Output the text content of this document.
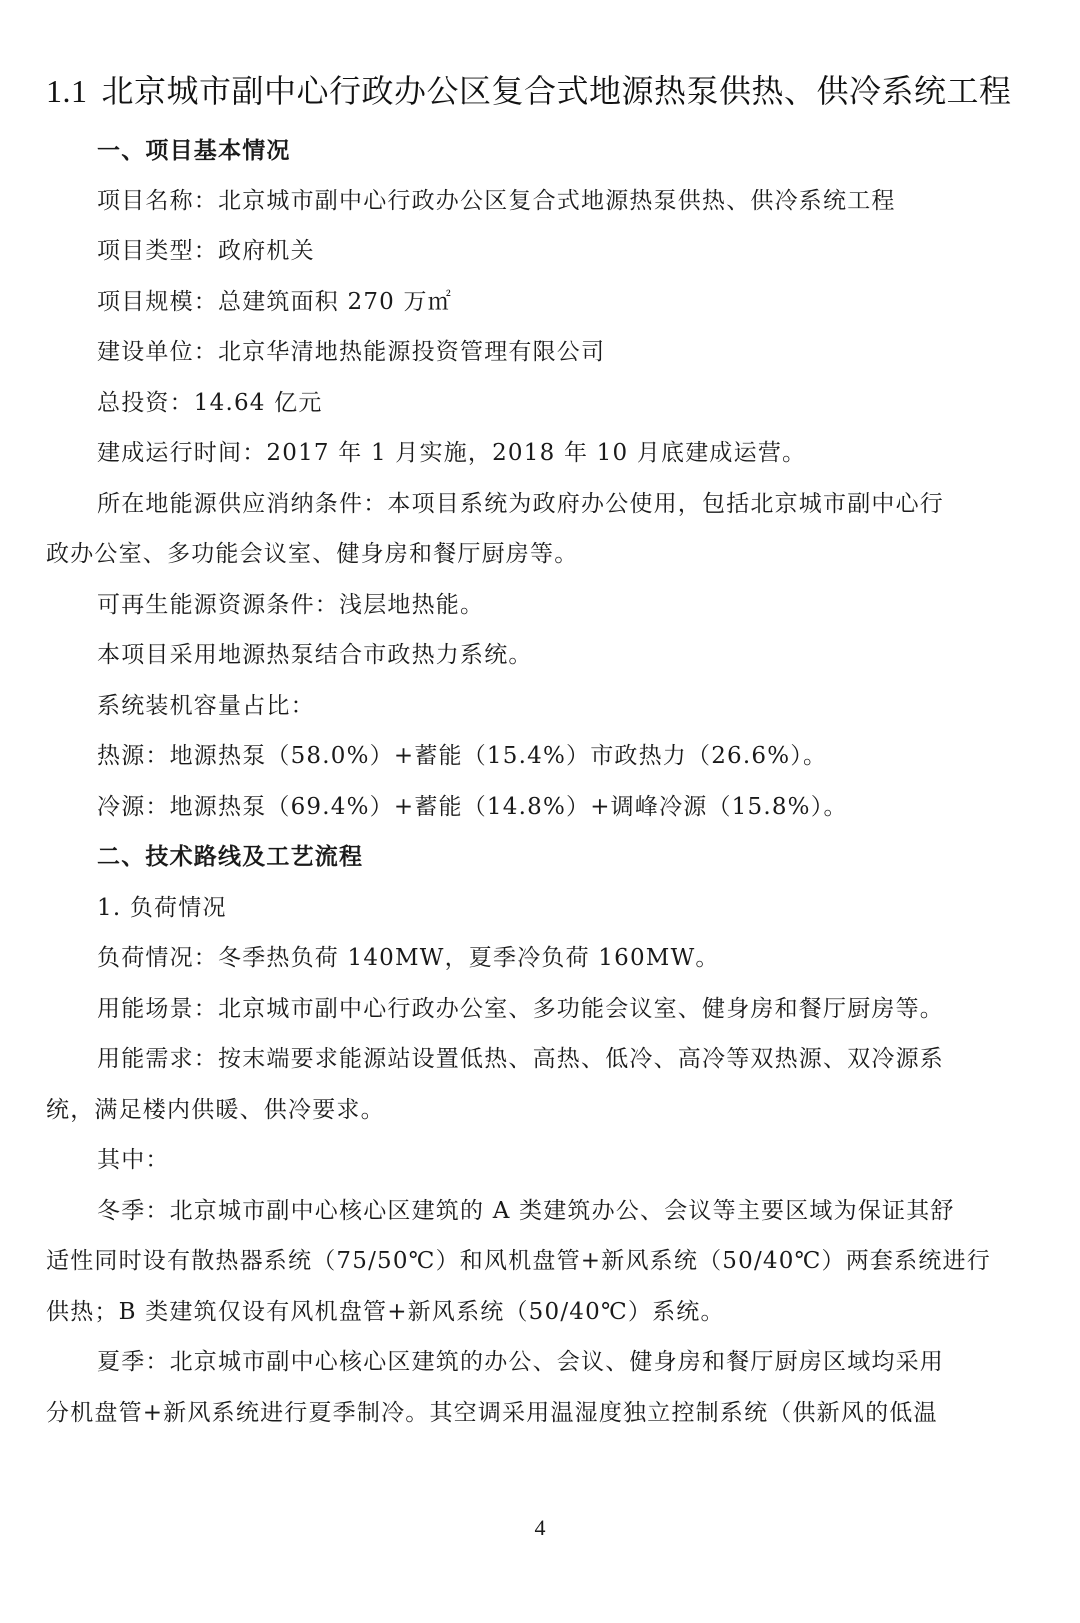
1.1 北京城市副中心行政办公区复合式地源热泵供热、供冷系统工程

一、项目基本情况

项目名称：北京城市副中心行政办公区复合式地源热泵供热、供冷系统工程

项目类型：政府机关

项目规模：总建筑面积 270 万㎡

建设单位：北京华清地热能源投资管理有限公司

总投资：14.64 亿元

建成运行时间：2017 年 1 月实施，2018 年 10 月底建成运营。

所在地能源供应消纳条件：本项目系统为政府办公使用，包括北京城市副中心行

政办公室、多功能会议室、健身房和餐厅厨房等。

可再生能源资源条件：浅层地热能。

本项目采用地源热泵结合市政热力系统。

系统装机容量占比：

热源：地源热泵（58.0%）+蓄能（15.4%）市政热力（26.6%）。

冷源：地源热泵（69.4%）+蓄能（14.8%）+调峰冷源（15.8%）。

二、技术路线及工艺流程

1. 负荷情况

负荷情况：冬季热负荷 140MW，夏季冷负荷 160MW。

用能场景：北京城市副中心行政办公室、多功能会议室、健身房和餐厅厨房等。

用能需求：按末端要求能源站设置低热、高热、低冷、高冷等双热源、双冷源系

统，满足楼内供暖、供冷要求。

其中：

冬季：北京城市副中心核心区建筑的 A 类建筑办公、会议等主要区域为保证其舒

适性同时设有散热器系统（75/50℃）和风机盘管+新风系统（50/40℃）两套系统进行

供热；B 类建筑仅设有风机盘管+新风系统（50/40℃）系统。

夏季：北京城市副中心核心区建筑的办公、会议、健身房和餐厅厨房区域均采用

分机盘管+新风系统进行夏季制冷。其空调采用温湿度独立控制系统（供新风的低温

4
